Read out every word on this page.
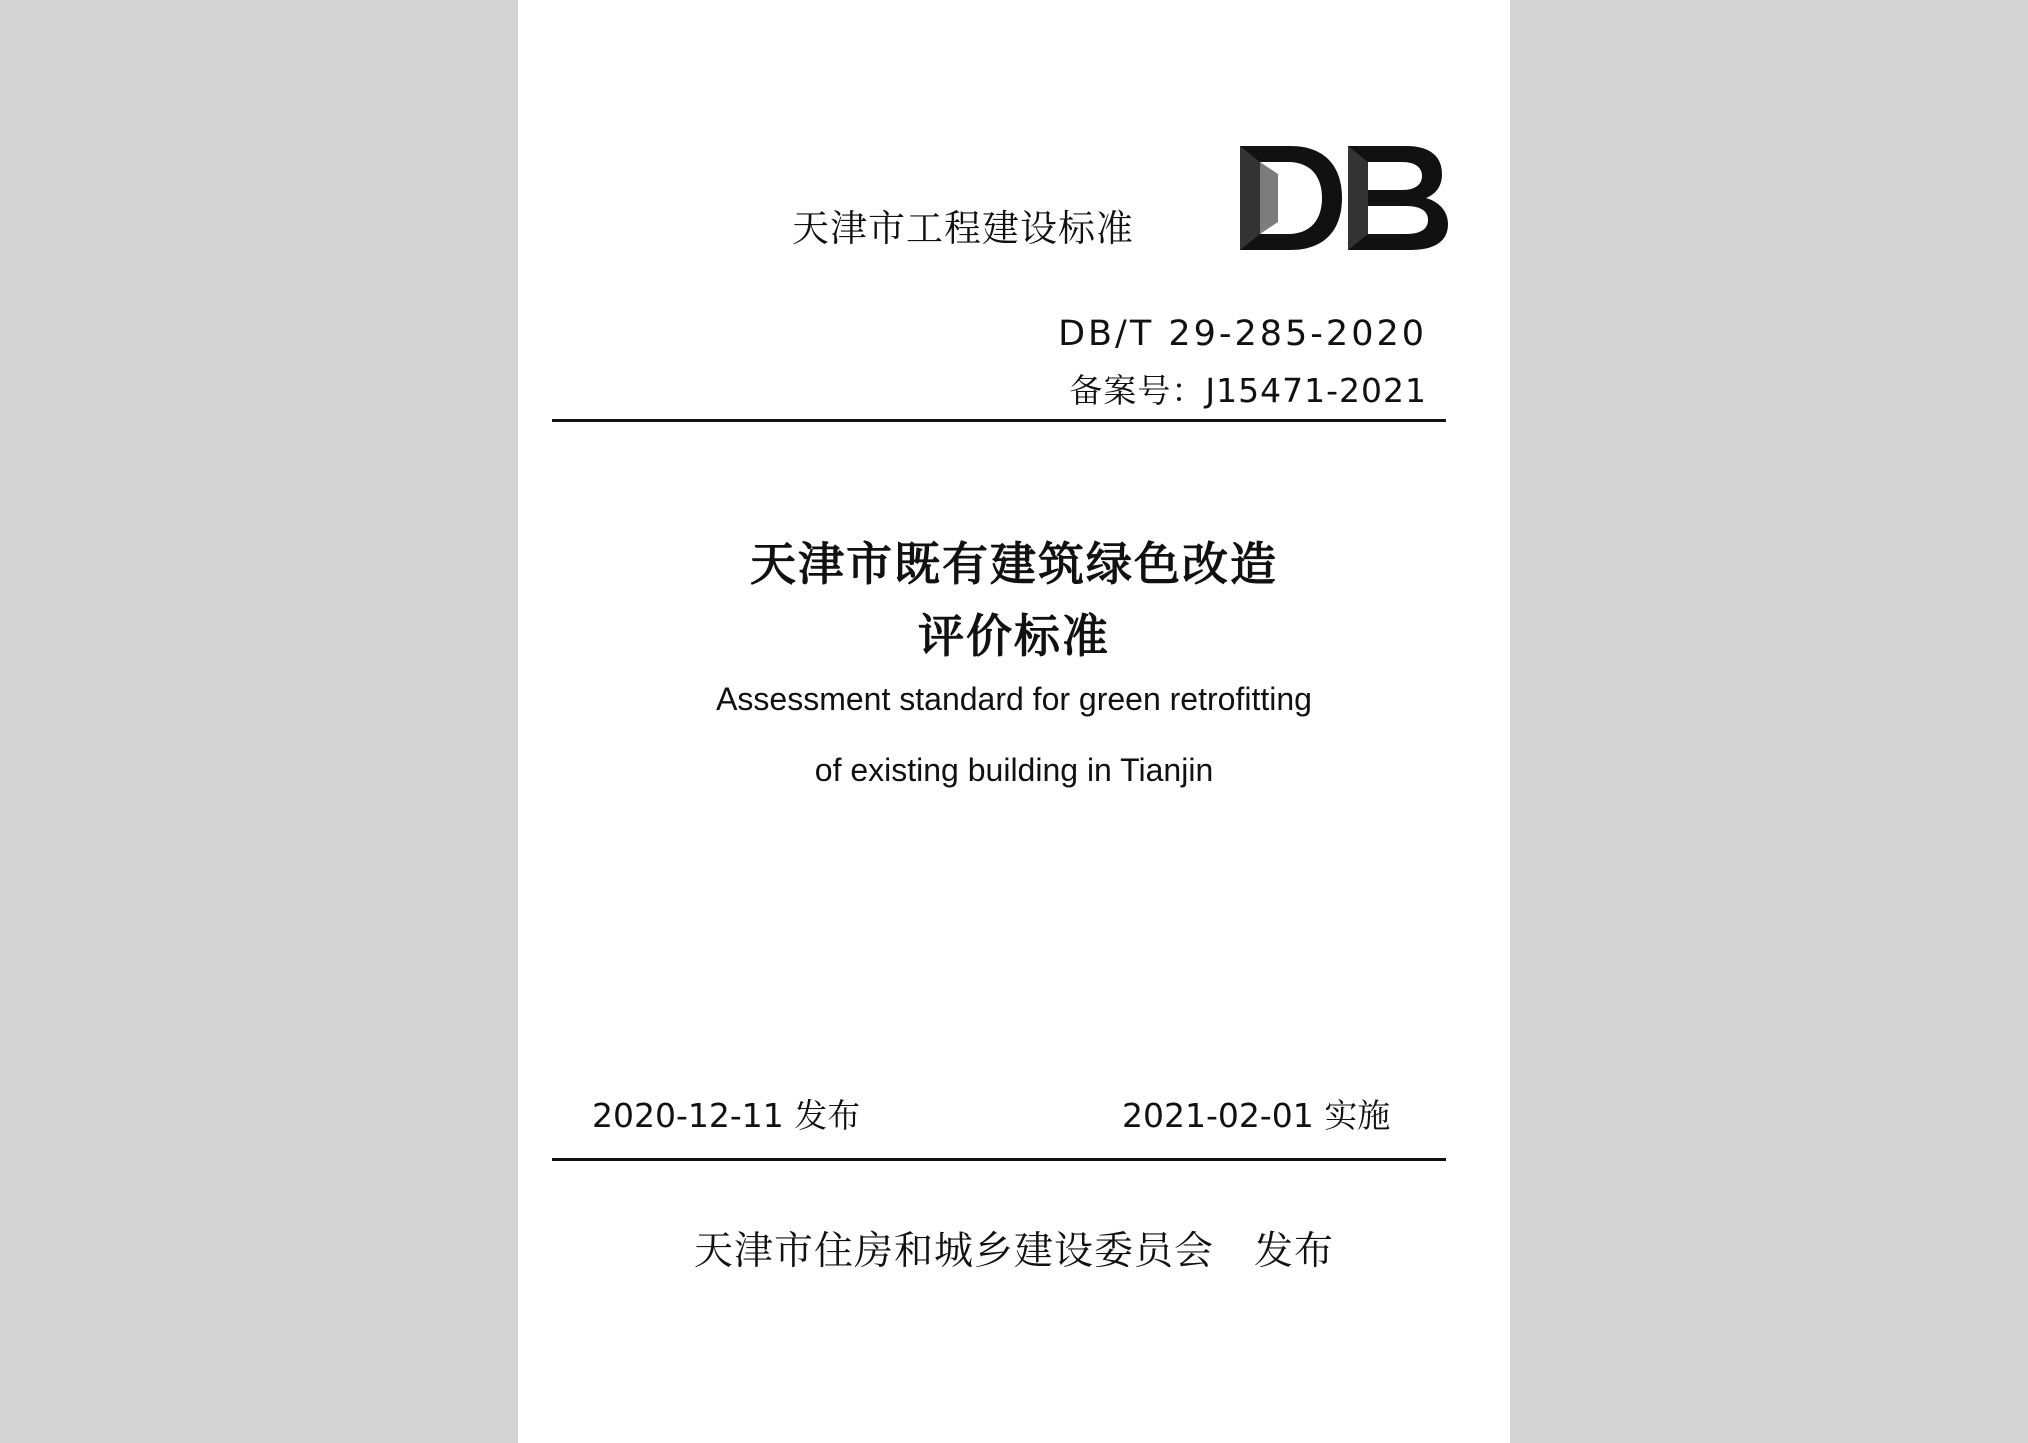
天津市工程建设标准
DB/T 29-285-2020
备案号：J15471-2021
天津市既有建筑绿色改造
评价标准
Assessment standard for green retrofitting
of existing building in Tianjin
2020-12-11 发布	2021-02-01 实施
天津市住房和城乡建设委员会　发布
